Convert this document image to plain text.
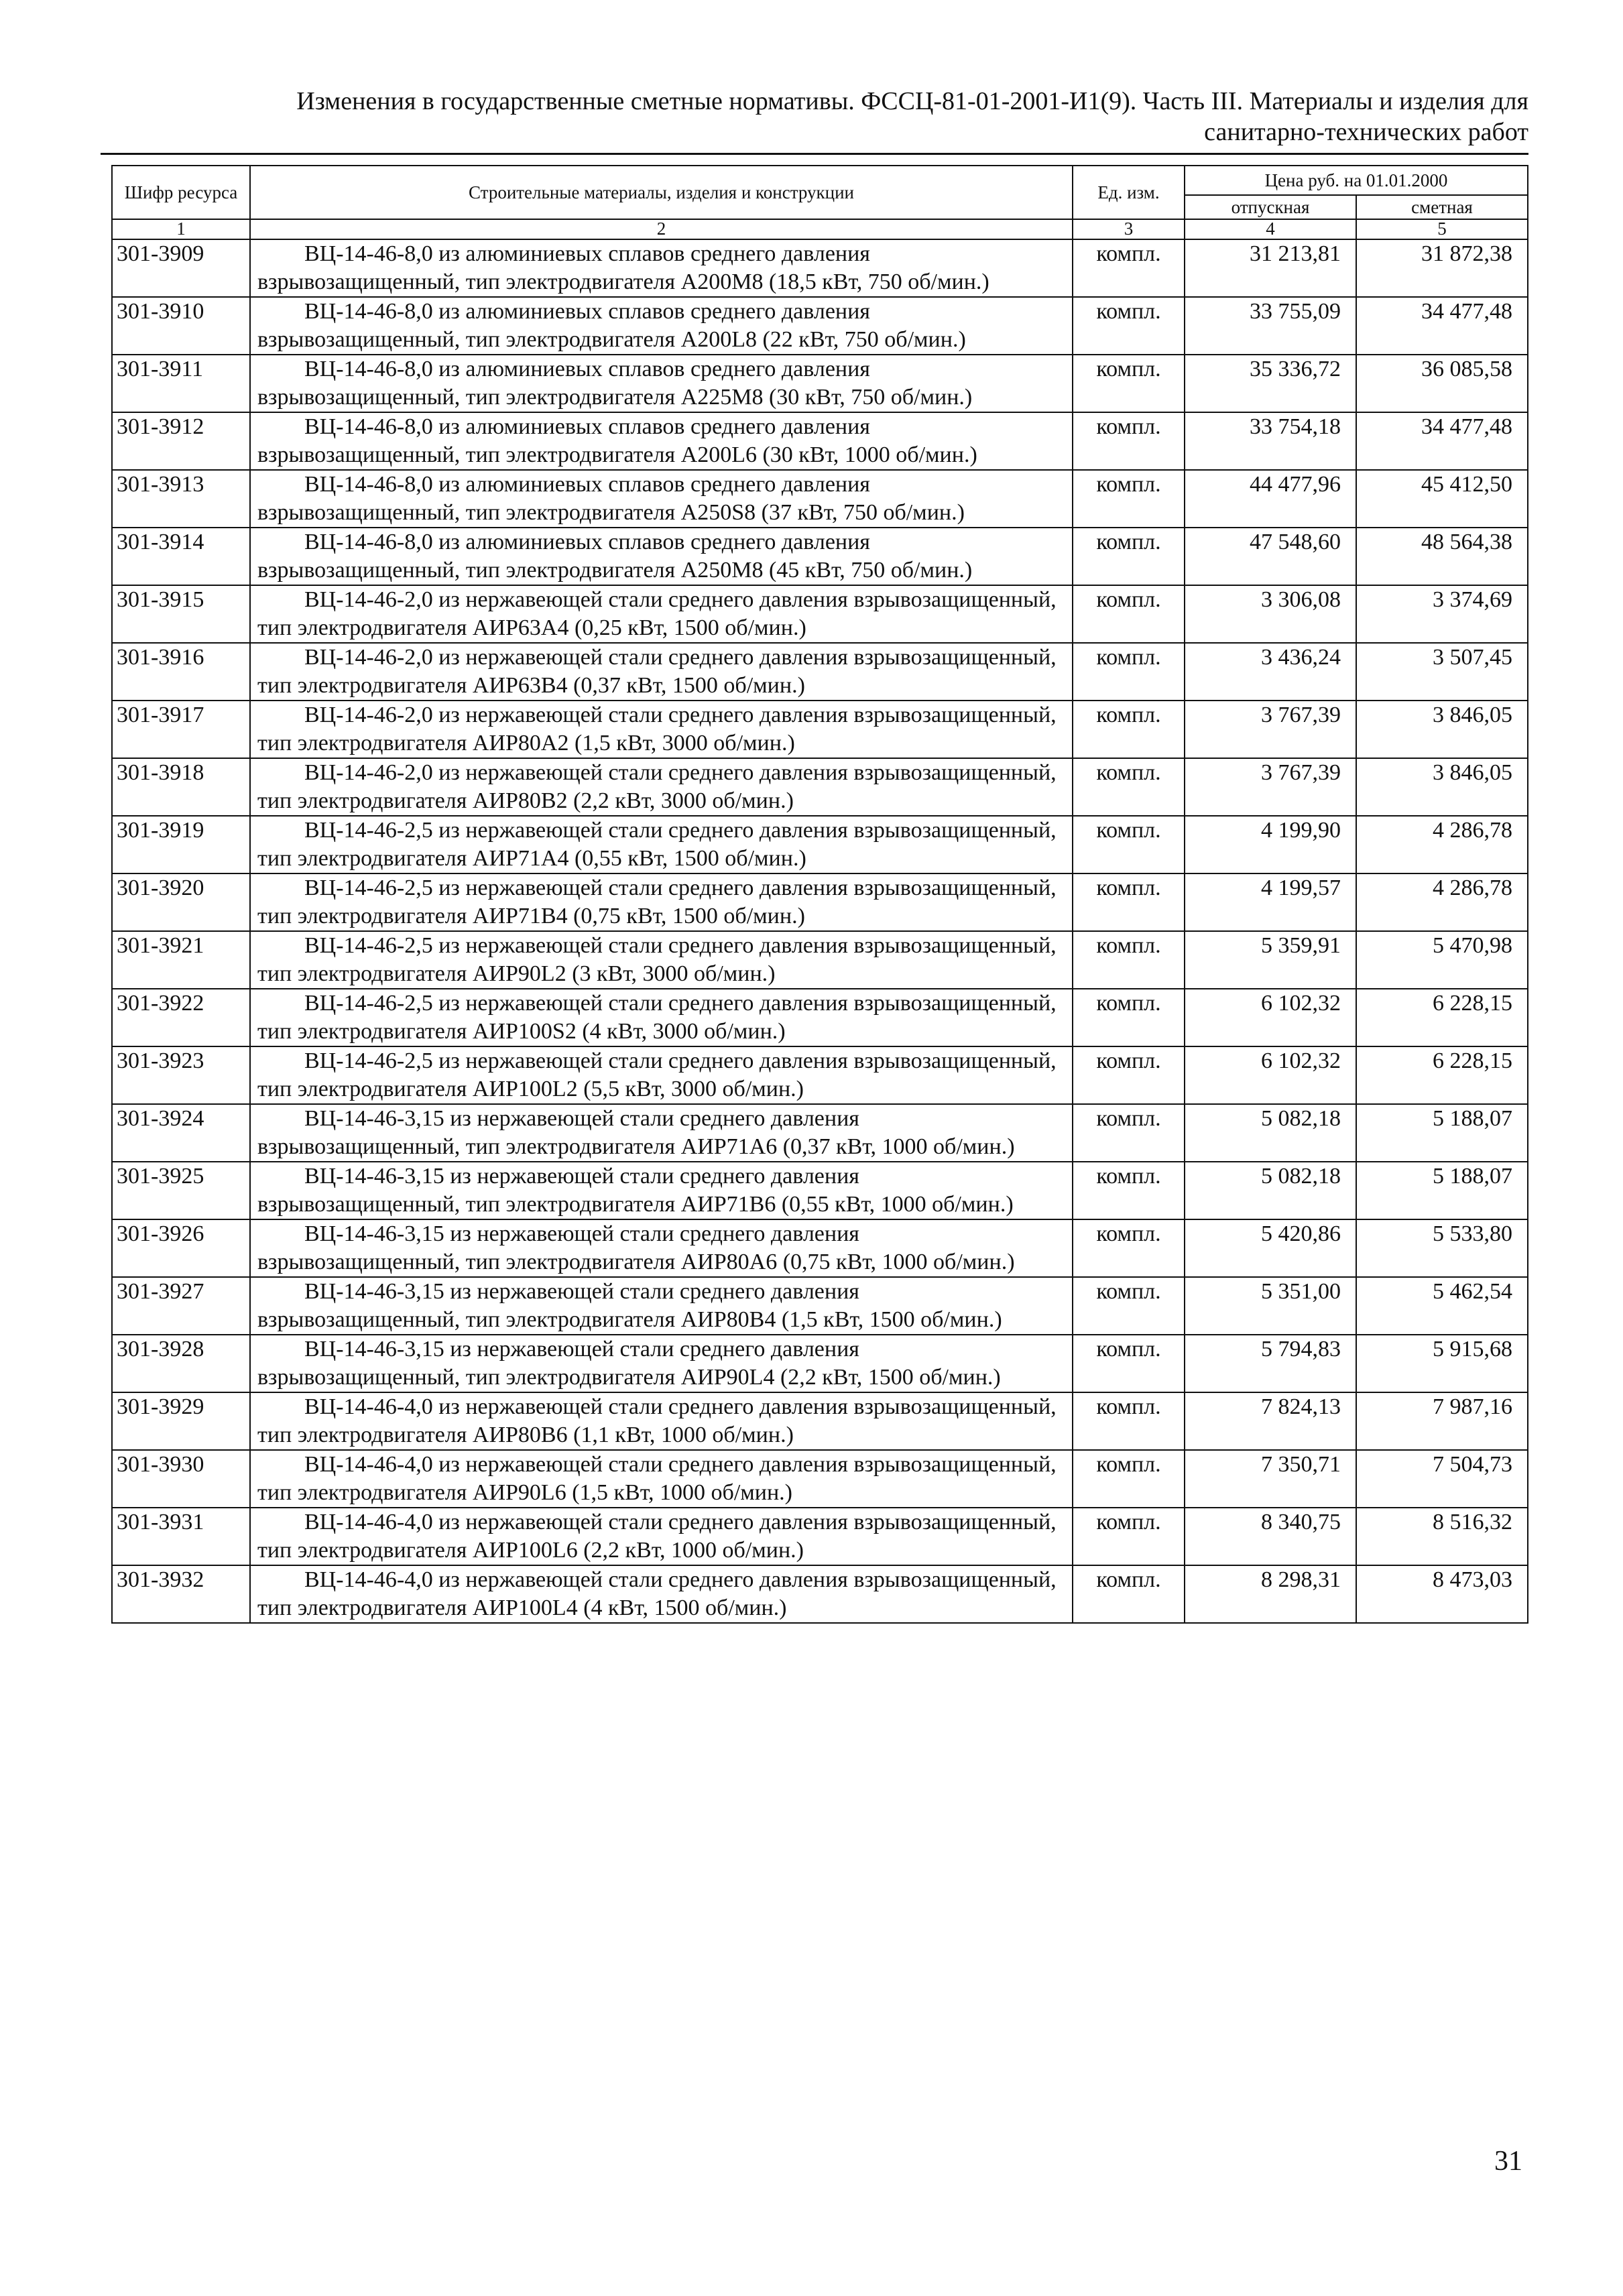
Изменения в государственные сметные нормативы. ФССЦ-81-01-2001-И1(9). Часть III. Материалы и изделия для
санитарно-технических работ
Шифр ресурса	Строительные материалы, изделия и конструкции	Ед. изм.	Цена руб. на 01.01.2000	
			отпускная	сметная
1	2	3	4	5
301-3909	ВЦ-14-46-8,0 из алюминиевых сплавов среднего давления взрывозащищенный, тип электродвигателя А200М8 (18,5 кВт, 750 об/мин.)	компл.	31 213,81	31 872,38
301-3910	ВЦ-14-46-8,0 из алюминиевых сплавов среднего давления взрывозащищенный, тип электродвигателя А200L8 (22 кВт, 750 об/мин.)	компл.	33 755,09	34 477,48
301-3911	ВЦ-14-46-8,0 из алюминиевых сплавов среднего давления взрывозащищенный, тип электродвигателя А225М8 (30 кВт, 750 об/мин.)	компл.	35 336,72	36 085,58
301-3912	ВЦ-14-46-8,0 из алюминиевых сплавов среднего давления взрывозащищенный, тип электродвигателя А200L6 (30 кВт, 1000 об/мин.)	компл.	33 754,18	34 477,48
301-3913	ВЦ-14-46-8,0 из алюминиевых сплавов среднего давления взрывозащищенный, тип электродвигателя А250S8 (37 кВт, 750 об/мин.)	компл.	44 477,96	45 412,50
301-3914	ВЦ-14-46-8,0 из алюминиевых сплавов среднего давления взрывозащищенный, тип электродвигателя А250М8 (45 кВт, 750 об/мин.)	компл.	47 548,60	48 564,38
301-3915	ВЦ-14-46-2,0 из нержавеющей стали среднего давления взрывозащищенный, тип электродвигателя АИР63А4 (0,25 кВт, 1500 об/мин.)	компл.	3 306,08	3 374,69
301-3916	ВЦ-14-46-2,0 из нержавеющей стали среднего давления взрывозащищенный, тип электродвигателя АИР63В4 (0,37 кВт, 1500 об/мин.)	компл.	3 436,24	3 507,45
301-3917	ВЦ-14-46-2,0 из нержавеющей стали среднего давления взрывозащищенный, тип электродвигателя АИР80А2 (1,5 кВт, 3000 об/мин.)	компл.	3 767,39	3 846,05
301-3918	ВЦ-14-46-2,0 из нержавеющей стали среднего давления взрывозащищенный, тип электродвигателя АИР80В2 (2,2 кВт, 3000 об/мин.)	компл.	3 767,39	3 846,05
301-3919	ВЦ-14-46-2,5 из нержавеющей стали среднего давления взрывозащищенный, тип электродвигателя АИР71А4 (0,55 кВт, 1500 об/мин.)	компл.	4 199,90	4 286,78
301-3920	ВЦ-14-46-2,5 из нержавеющей стали среднего давления взрывозащищенный, тип электродвигателя АИР71В4 (0,75 кВт, 1500 об/мин.)	компл.	4 199,57	4 286,78
301-3921	ВЦ-14-46-2,5 из нержавеющей стали среднего давления взрывозащищенный, тип электродвигателя АИР90L2 (3 кВт, 3000 об/мин.)	компл.	5 359,91	5 470,98
301-3922	ВЦ-14-46-2,5 из нержавеющей стали среднего давления взрывозащищенный, тип электродвигателя АИР100S2 (4 кВт, 3000 об/мин.)	компл.	6 102,32	6 228,15
301-3923	ВЦ-14-46-2,5 из нержавеющей стали среднего давления взрывозащищенный, тип электродвигателя АИР100L2 (5,5 кВт, 3000 об/мин.)	компл.	6 102,32	6 228,15
301-3924	ВЦ-14-46-3,15 из нержавеющей стали среднего давления взрывозащищенный, тип электродвигателя АИР71А6 (0,37 кВт, 1000 об/мин.)	компл.	5 082,18	5 188,07
301-3925	ВЦ-14-46-3,15 из нержавеющей стали среднего давления взрывозащищенный, тип электродвигателя АИР71В6 (0,55 кВт, 1000 об/мин.)	компл.	5 082,18	5 188,07
301-3926	ВЦ-14-46-3,15 из нержавеющей стали среднего давления взрывозащищенный, тип электродвигателя АИР80А6 (0,75 кВт, 1000 об/мин.)	компл.	5 420,86	5 533,80
301-3927	ВЦ-14-46-3,15 из нержавеющей стали среднего давления взрывозащищенный, тип электродвигателя АИР80В4 (1,5 кВт, 1500 об/мин.)	компл.	5 351,00	5 462,54
301-3928	ВЦ-14-46-3,15 из нержавеющей стали среднего давления взрывозащищенный, тип электродвигателя АИР90L4 (2,2 кВт, 1500 об/мин.)	компл.	5 794,83	5 915,68
301-3929	ВЦ-14-46-4,0 из нержавеющей стали среднего давления взрывозащищенный, тип электродвигателя АИР80В6 (1,1 кВт, 1000 об/мин.)	компл.	7 824,13	7 987,16
301-3930	ВЦ-14-46-4,0 из нержавеющей стали среднего давления взрывозащищенный, тип электродвигателя АИР90L6 (1,5 кВт, 1000 об/мин.)	компл.	7 350,71	7 504,73
301-3931	ВЦ-14-46-4,0 из нержавеющей стали среднего давления взрывозащищенный, тип электродвигателя АИР100L6 (2,2 кВт, 1000 об/мин.)	компл.	8 340,75	8 516,32
301-3932	ВЦ-14-46-4,0 из нержавеющей стали среднего давления взрывозащищенный, тип электродвигателя АИР100L4 (4 кВт, 1500 об/мин.)	компл.	8 298,31	8 473,03
31
